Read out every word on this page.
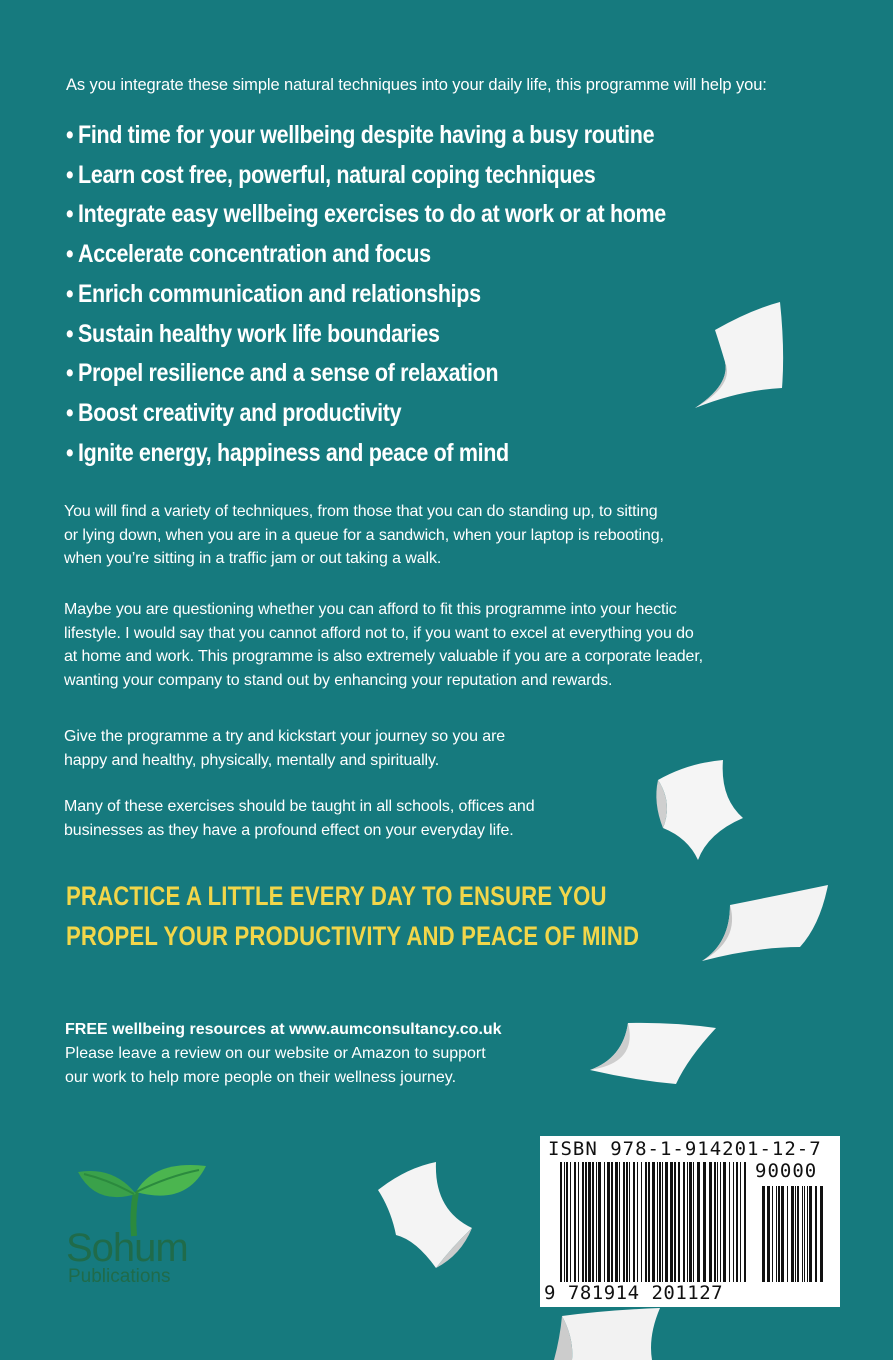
As you integrate these simple natural techniques into your daily life, this programme will help you:
• Find time for your wellbeing despite having a busy routine
• Learn cost free, powerful, natural coping techniques
• Integrate easy wellbeing exercises to do at work or at home
• Accelerate concentration and focus
• Enrich communication and relationships
• Sustain healthy work life boundaries
• Propel resilience and a sense of relaxation
• Boost creativity and productivity
• Ignite energy, happiness and peace of mind
You will find a variety of techniques, from those that you can do standing up, to sitting
or lying down, when you are in a queue for a sandwich, when your laptop is rebooting,
when you’re sitting in a traffic jam or out taking a walk.
Maybe you are questioning whether you can afford to fit this programme into your hectic
lifestyle. I would say that you cannot afford not to, if you want to excel at everything you do
at home and work. This programme is also extremely valuable if you are a corporate leader,
wanting your company to stand out by enhancing your reputation and rewards.
Give the programme a try and kickstart your journey so you are
happy and healthy, physically, mentally and spiritually.
Many of these exercises should be taught in all schools, offices and
businesses as they have a profound effect on your everyday life.
PRACTICE A LITTLE EVERY DAY TO ENSURE YOU
PROPEL YOUR PRODUCTIVITY AND PEACE OF MIND
FREE wellbeing resources at www.aumconsultancy.co.uk
Please leave a review on our website or Amazon to support
our work to help more people on their wellness journey.
Sohum
Publications
ISBN 978-1-914201-12-7
90000
9 781914 201127
